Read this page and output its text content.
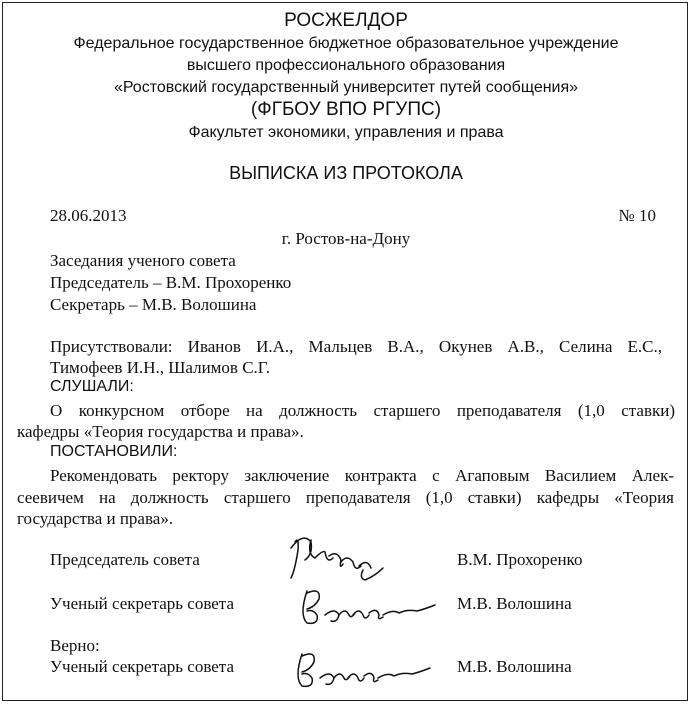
РОСЖЕЛДОР
Федеральное государственное бюджетное образовательное учреждение
высшего профессионального образования
«Ростовский государственный университет путей сообщения»
(ФГБОУ ВПО РГУПС)
Факультет экономики, управления и права
ВЫПИСКА ИЗ ПРОТОКОЛА
28.06.2013	№ 10
г. Ростов-на-Дону
Заседания ученого совета
Председатель – В.М. Прохоренко
Секретарь – М.В. Волошина
Присутствовали: Иванов И.А., Мальцев В.А., Окунев А.В., Селина Е.С.,
Тимофеев И.Н., Шалимов С.Г.
СЛУШАЛИ:
О конкурсном отборе на должность старшего преподавателя (1,0 ставки)
кафедры «Теория государства и права».
ПОСТАНОВИЛИ:
Рекомендовать ректору заключение контракта с Агаповым Василием Алек-
сеевичем на должность старшего преподавателя (1,0 ставки) кафедры «Теория
государства и права».
Председатель совета	В.М. Прохоренко
Ученый секретарь совета	М.В. Волошина
Верно:
Ученый секретарь совета	М.В. Волошина
